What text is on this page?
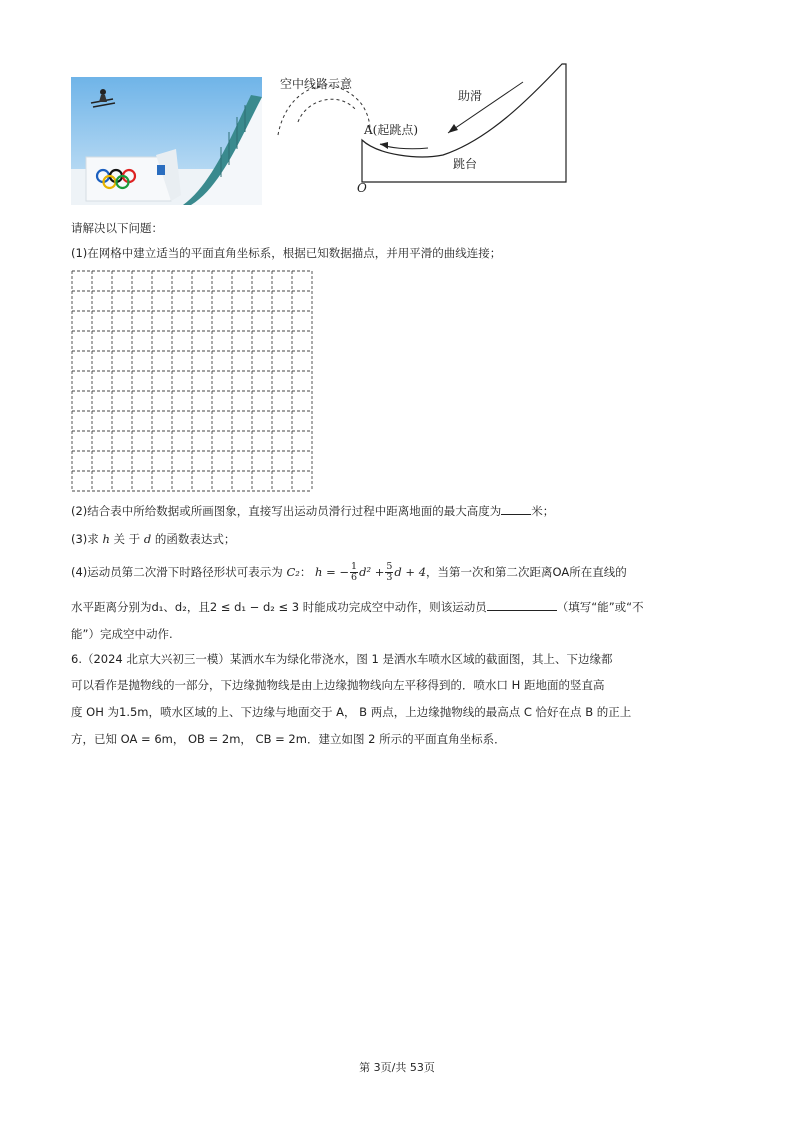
空中线路示意
助滑
A(起跳点)
跳台
O
请解决以下问题：
(1)在网格中建立适当的平面直角坐标系，根据已知数据描点，并用平滑的曲线连接；
(2)结合表中所给数据或所画图象，直接写出运动员滑行过程中距离地面的最大高度为	米；
(3)求 h 关 于 d 的函数表达式；
(4)运动员第二次滑下时路径形状可表示为 C₂： h = − $\frac{1}{6} d^2 + \frac{5}{3}$ d + 4，当第一次和第二次距离OA所在直线的
水平距离分别为d₁、d₂，且2 ≤ d₁ − d₂ ≤ 3 时能成功完成空中动作，则该运动员	（填写“能”或“不
能”）完成空中动作.
6.（2024 北京大兴初三一模）某洒水车为绿化带浇水，图 1 是洒水车喷水区域的截面图，其上、下边缘都
可以看作是抛物线的一部分，下边缘抛物线是由上边缘抛物线向左平移得到的．喷水口 H 距地面的竖直高
度 OH 为1.5m，喷水区域的上、下边缘与地面交于 A， B 两点，上边缘抛物线的最高点 C 恰好在点 B 的正上
方，已知 OA = 6m， OB = 2m， CB = 2m．建立如图 2 所示的平面直角坐标系．
第 3页/共 53页
